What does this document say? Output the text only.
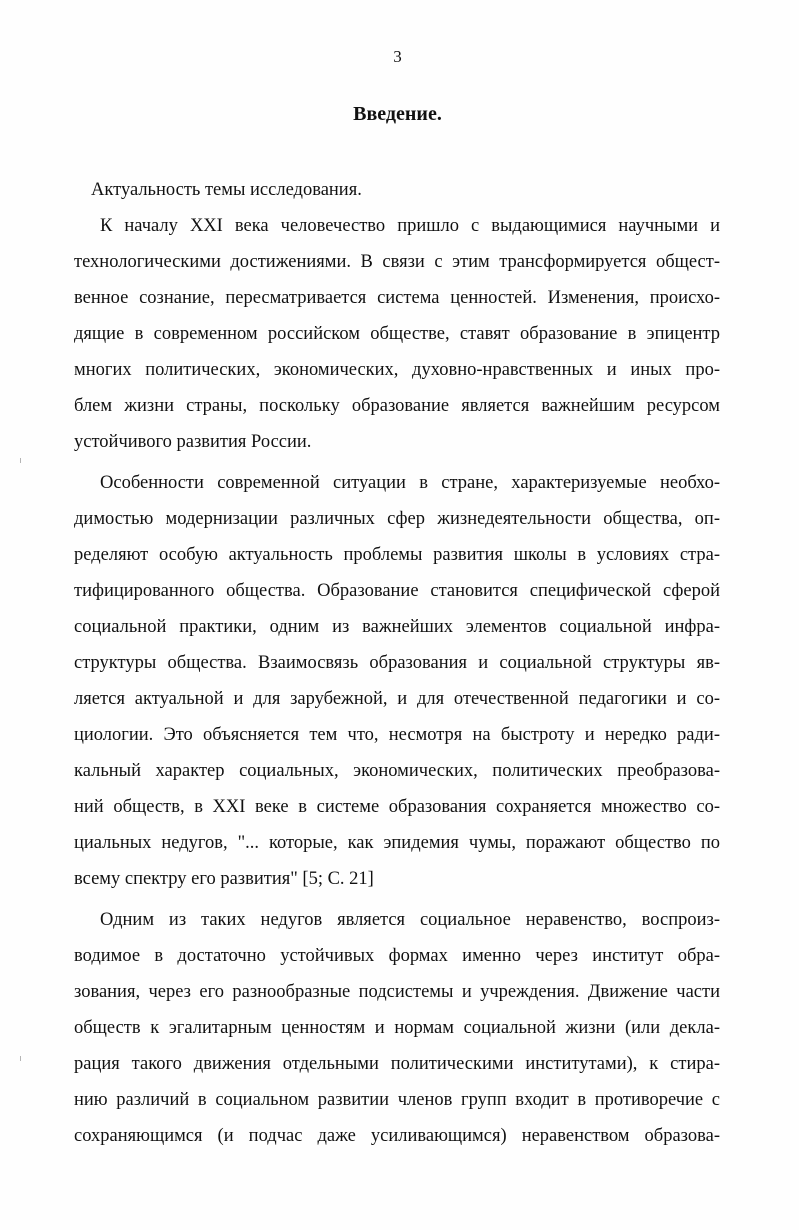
3
Введение.

Актуальность темы исследования.

К началу XXI века человечество пришло с выдающимися научными и
технологическими достижениями. В связи с этим трансформируется общест-
венное сознание, пересматривается система ценностей. Изменения, происхо-
дящие в современном российском обществе, ставят образование в эпицентр
многих политических, экономических, духовно-нравственных и иных про-
блем жизни страны, поскольку образование является важнейшим ресурсом
устойчивого развития России.

Особенности современной ситуации в стране, характеризуемые необхо-
димостью модернизации различных сфер жизнедеятельности общества, оп-
ределяют особую актуальность проблемы развития школы в условиях стра-
тифицированного общества. Образование становится специфической сферой
социальной практики, одним из важнейших элементов социальной инфра-
структуры общества. Взаимосвязь образования и социальной структуры яв-
ляется актуальной и для зарубежной, и для отечественной педагогики и со-
циологии. Это объясняется тем что, несмотря на быстроту и нередко ради-
кальный характер социальных, экономических, политических преобразова-
ний обществ, в XXI веке в системе образования сохраняется множество со-
циальных недугов, "... которые, как эпидемия чумы, поражают общество по
всему спектру его развития" [5; С. 21]

Одним из таких недугов является социальное неравенство, воспроиз-
водимое в достаточно устойчивых формах именно через институт обра-
зования, через его разнообразные подсистемы и учреждения. Движение части
обществ к эгалитарным ценностям и нормам социальной жизни (или декла-
рация такого движения отдельными политическими институтами), к стира-
нию различий в социальном развитии членов групп входит в противоречие с
сохраняющимся (и подчас даже усиливающимся) неравенством образова-
